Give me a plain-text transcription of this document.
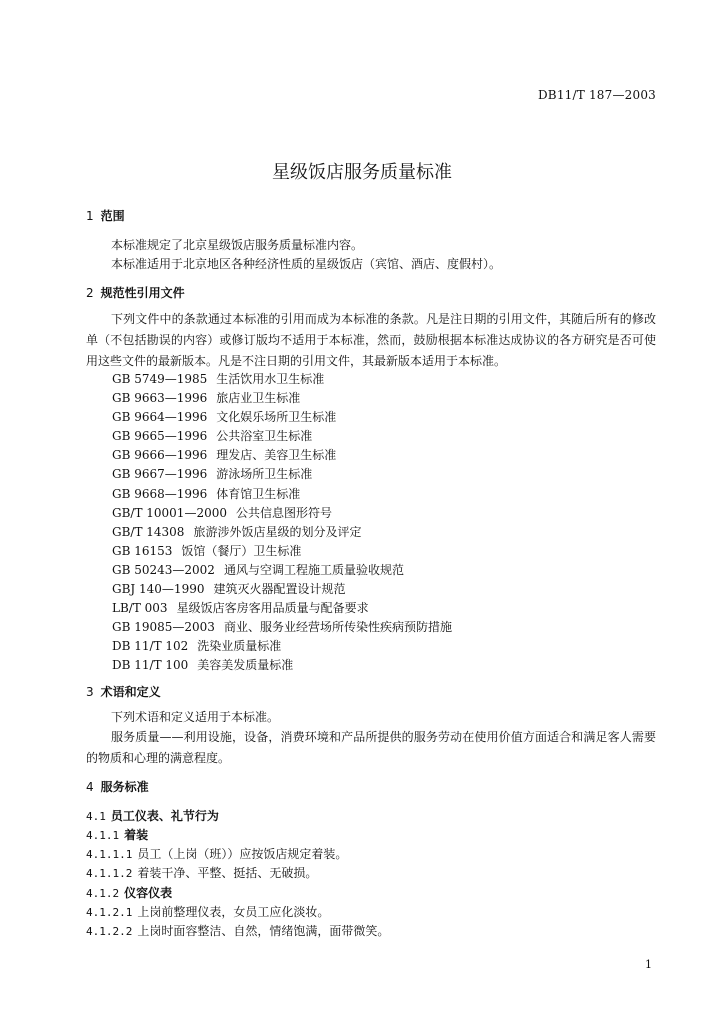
DB11/T 187—2003
星级饭店服务质量标准
1 范围

本标准规定了北京星级饭店服务质量标准内容。

本标准适用于北京地区各种经济性质的星级饭店（宾馆、酒店、度假村）。

2 规范性引用文件

下列文件中的条款通过本标准的引用而成为本标准的条款。凡是注日期的引用文件，其随后所有的修改单（不包括勘误的内容）或修订版均不适用于本标准，然而，鼓励根据本标准达成协议的各方研究是否可使用这些文件的最新版本。凡是不注日期的引用文件，其最新版本适用于本标准。

GB 5749—1985 生活饮用水卫生标准
GB 9663—1996 旅店业卫生标准
GB 9664—1996 文化娱乐场所卫生标准
GB 9665—1996 公共浴室卫生标准
GB 9666—1996 理发店、美容卫生标准
GB 9667—1996 游泳场所卫生标准
GB 9668—1996 体育馆卫生标准
GB/T 10001—2000 公共信息图形符号
GB/T 14308 旅游涉外饭店星级的划分及评定
GB 16153 饭馆（餐厅）卫生标准
GB 50243—2002 通风与空调工程施工质量验收规范
GBJ 140—1990 建筑灭火器配置设计规范
LB/T 003 星级饭店客房客用品质量与配备要求
GB 19085—2003 商业、服务业经营场所传染性疾病预防措施
DB 11/T 102 洗染业质量标准
DB 11/T 100 美容美发质量标准
3 术语和定义

下列术语和定义适用于本标准。

服务质量——利用设施，设备，消费环境和产品所提供的服务劳动在使用价值方面适合和满足客人需要的物质和心理的满意程度。

4 服务标准
4.1 员工仪表、礼节行为
4.1.1 着装
4.1.1.1 员工（上岗（班））应按饭店规定着装。
4.1.1.2 着装干净、平整、挺括、无破损。
4.1.2 仪容仪表
4.1.2.1 上岗前整理仪表，女员工应化淡妆。
4.1.2.2 上岗时面容整洁、自然，情绪饱满，面带微笑。
1
